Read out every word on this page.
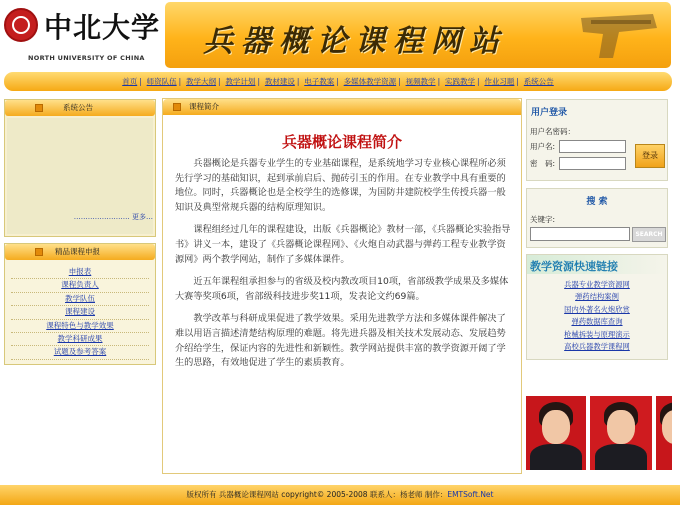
中北大学
NORTH UNIVERSITY OF CHINA 兵器概论课程网站
首页 | 师资队伍 | 教学大纲 | 教学计划 | 教材建设 | 电子教案 | 多媒体教学资源 | 视频教学 | 实践教学 | 作业习题 | 系统公告
系统公告
…………………… 更多…
精品课程申报
申报表
课程负责人
教学队伍
课程建设
课程特色与教学效果
教学科研成果
试题及参考答案
课程简介
兵器概论课程简介

兵器概论是兵器专业学生的专业基础课程，是系统地学习专业核心课程所必须先行学习的基础知识，起到承前启后、抛砖引玉的作用。在专业教学中具有重要的地位。同时，兵器概论也是全校学生的选修课，为国防井建院校学生传授兵器一般知识及典型常规兵器的结构原理知识。

课程组经过几年的课程建设，出版《兵器概论》教材一部，《兵器概论实验指导书》讲义一本，建设了《兵器概论课程网》、《火炮自动武器与弹药工程专业教学资源网》两个教学网站，制作了多媒体课件。

近五年课程组承担参与的省级及校内教改项目10项，省部级教学成果及多媒体大赛等奖项6项，省部级科技进步奖11项，发表论文约69篇。

教学改革与科研成果促进了教学效果。采用先进教学方法和多媒体课件解决了难以用语言描述清楚结构原理的难题。将先进兵器及相关技术发展动态、发展趋势介绍给学生，保证内容的先进性和新颖性。教学网站提供丰富的教学资源开阔了学生的思路，有效地促进了学生的素质教育。

用户登录
用户名密码：
用户名:
密　码:
登录
搜 索
关键字:
SEARCH
教学资源快速链接
兵器专业教学资源网
弹药结构案例
国内外著名火炮欣赏
弹药数据库查询
枪械拆装与原理演示
高校兵器教学课程网
版权所有 兵器概论课程网站 copyright© 2005-2008 联系人：杨老师 制作：EMTSoft.Net
